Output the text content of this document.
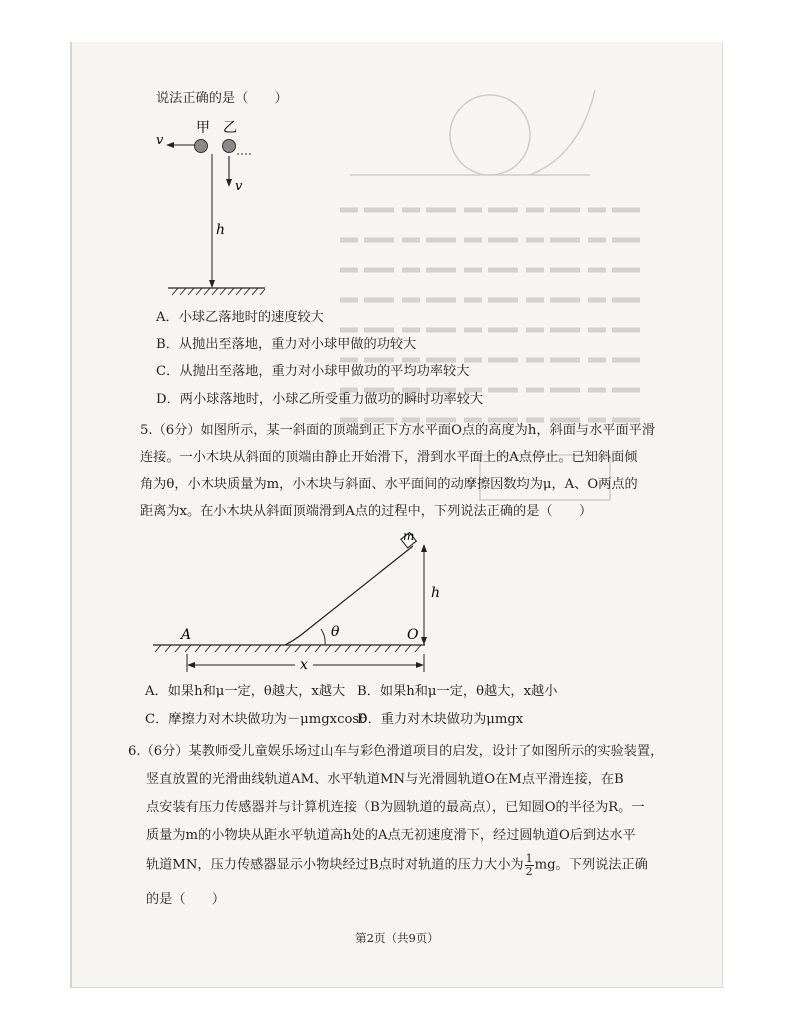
说法正确的是（　　）
v
甲 乙
v
h
A．小球乙落地时的速度较大
B．从抛出至落地，重力对小球甲做的功较大
C．从抛出至落地，重力对小球甲做功的平均功率较大
D．两小球落地时，小球乙所受重力做功的瞬时功率较大
5.（6分）如图所示，某一斜面的顶端到正下方水平面O点的高度为h，斜面与水平面平滑
连接。一小木块从斜面的顶端由静止开始滑下，滑到水平面上的A点停止。已知斜面倾
角为θ，小木块质量为m，小木块与斜面、水平面间的动摩擦因数均为μ，A、O两点的
距离为x。在小木块从斜面顶端滑到A点的过程中，下列说法正确的是（　　）
m
h
θ
A	O
x
A．如果h和μ一定，θ越大，x越大 B．如果h和μ一定，θ越大，x越小
C．摩擦力对木块做功为－μmgxcosθ
D．重力对木块做功为μmgx
6.（6分）某教师受儿童娱乐场过山车与彩色滑道项目的启发，设计了如图所示的实验装置，
竖直放置的光滑曲线轨道AM、水平轨道MN与光滑圆轨道O在M点平滑连接，在B
点安装有压力传感器并与计算机连接（B为圆轨道的最高点），已知圆O的半径为R。一
质量为m的小物块从距水平轨道高h处的A点无初速度滑下，经过圆轨道O后到达水平
轨道MN，压力传感器显示小物块经过B点时对轨道的压力大小为 $\frac{1}{2}$ mg。下列说法正确
的是（　　）
第2页（共9页）
